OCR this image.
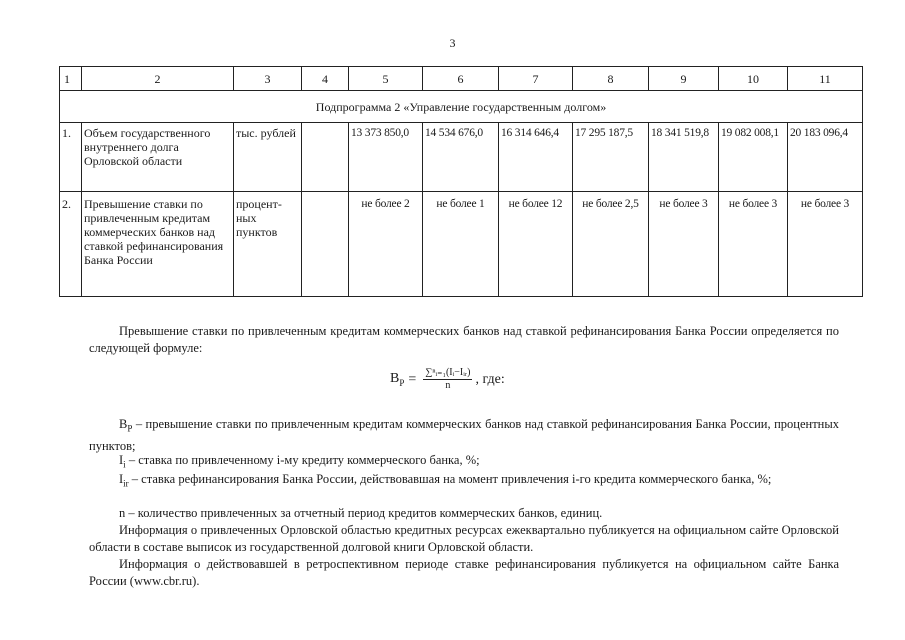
3
1	2	3	4	5	6	7	8	9	10	11
Подпрограмма 2 «Управление государственным долгом»										
1.	Объем государственного внутреннего долга Орловской области	тыс. рублей		13 373 850,0	14 534 676,0	16 314 646,4	17 295 187,5	18 341 519,8	19 082 008,1	20 183 096,4
2.	Превышение ставки по привлеченным кредитам коммерческих банков над ставкой рефинансирования Банка России	процент-ных пунктов		не более 2	не более 1	не более 12	не более 2,5	не более 3	не более 3	не более 3
Превышение ставки по привлеченным кредитам коммерческих банков над ставкой рефинансирования Банка России определяется по следующей формуле:
$B_P = \frac{\text{∑ⁿᵢ₌₁(Iᵢ−Iᵢᵣ)}}{n}$ , где:
$B_P$ – превышение ставки по привлеченным кредитам коммерческих банков над ставкой рефинансирования Банка России, процентных пунктов;
$I_i$ – ставка по привлеченному i-му кредиту коммерческого банка, %;
$I_{ir}$ – ставка рефинансирования Банка России, действовавшая на момент привлечения i-го кредита коммерческого банка, %;
n – количество привлеченных за отчетный период кредитов коммерческих банков, единиц.
Информация о привлеченных Орловской областью кредитных ресурсах ежеквартально публикуется на официальном сайте Орловской области в составе выписок из государственной долговой книги Орловской области.
Информация о действовавшей в ретроспективном периоде ставке рефинансирования публикуется на официальном сайте Банка России (www.cbr.ru).
